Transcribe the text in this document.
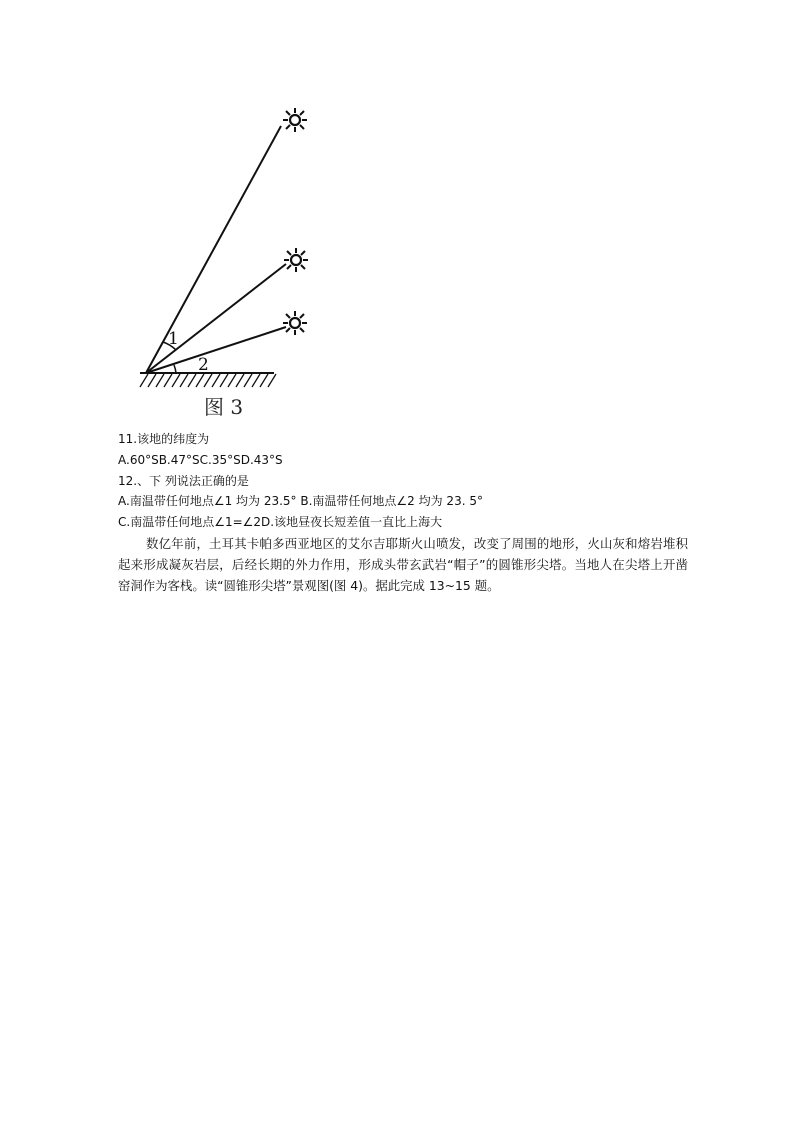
1
2
图 3
11.该地的纬度为
A.60°SB.47°SC.35°SD.43°S
12.、下 列说法正确的是
A.南温带任何地点∠1 均为 23.5° B.南温带任何地点∠2 均为 23. 5°
C.南温带任何地点∠1=∠2D.该地昼夜长短差值一直比上海大
数亿年前，土耳其卡帕多西亚地区的艾尔吉耶斯火山喷发，改变了周围的地形，火山灰和熔岩堆积起来形成凝灰岩层，后经长期的外力作用，形成头带玄武岩“帽子”的圆锥形尖塔。当地人在尖塔上开凿窑洞作为客栈。读“圆锥形尖塔”景观图(图 4)。据此完成 13~15 题。
